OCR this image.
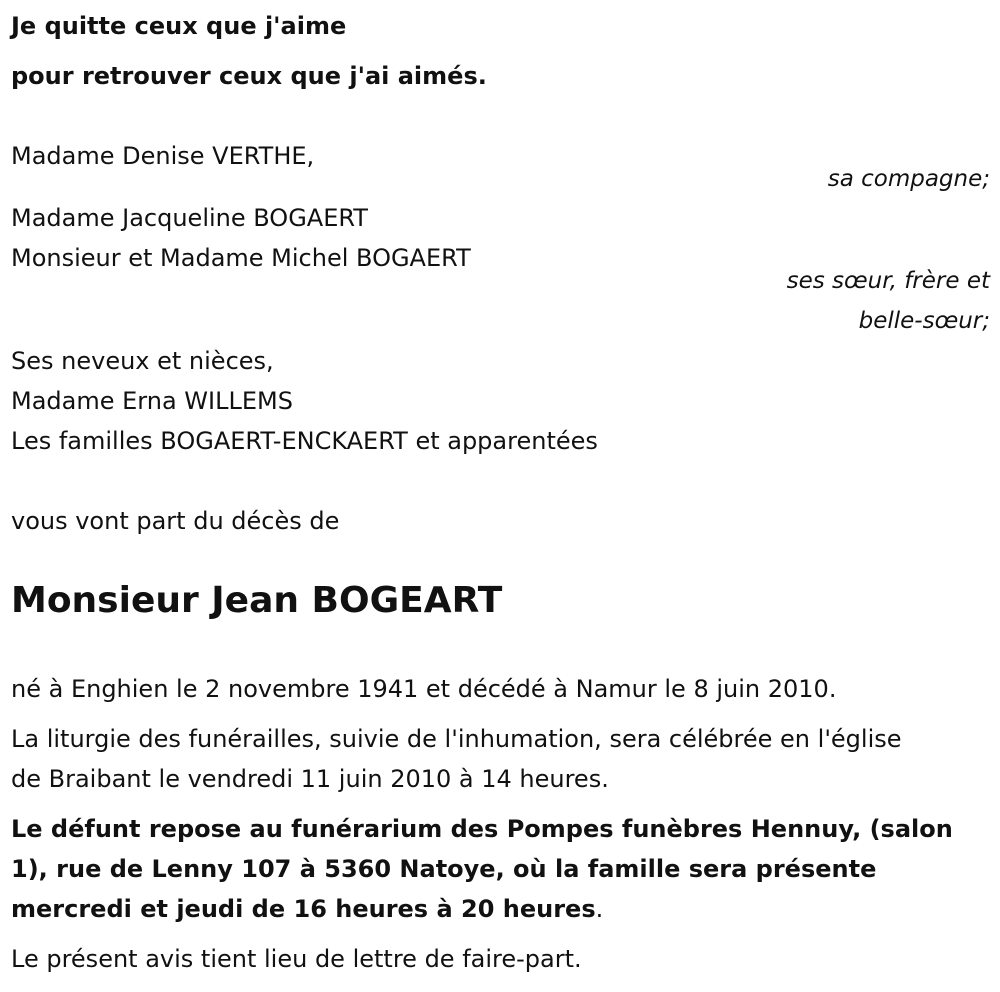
Je quitte ceux que j'aime
pour retrouver ceux que j'ai aimés.
Madame Denise VERTHE,
sa compagne;
Madame Jacqueline BOGAERT
Monsieur et Madame Michel BOGAERT
ses sœur, frère et
belle-sœur;
Ses neveux et nièces,
Madame Erna WILLEMS
Les familles BOGAERT-ENCKAERT et apparentées
vous vont part du décès de
Monsieur Jean BOGEART
né à Enghien le 2 novembre 1941 et décédé à Namur le 8 juin 2010.
La liturgie des funérailles, suivie de l'inhumation, sera célébrée en l'église
de Braibant le vendredi 11 juin 2010 à 14 heures.
Le défunt repose au funérarium des Pompes funèbres Hennuy, (salon
1), rue de Lenny 107 à 5360 Natoye, où la famille sera présente
mercredi et jeudi de 16 heures à 20 heures.
Le présent avis tient lieu de lettre de faire-part.
